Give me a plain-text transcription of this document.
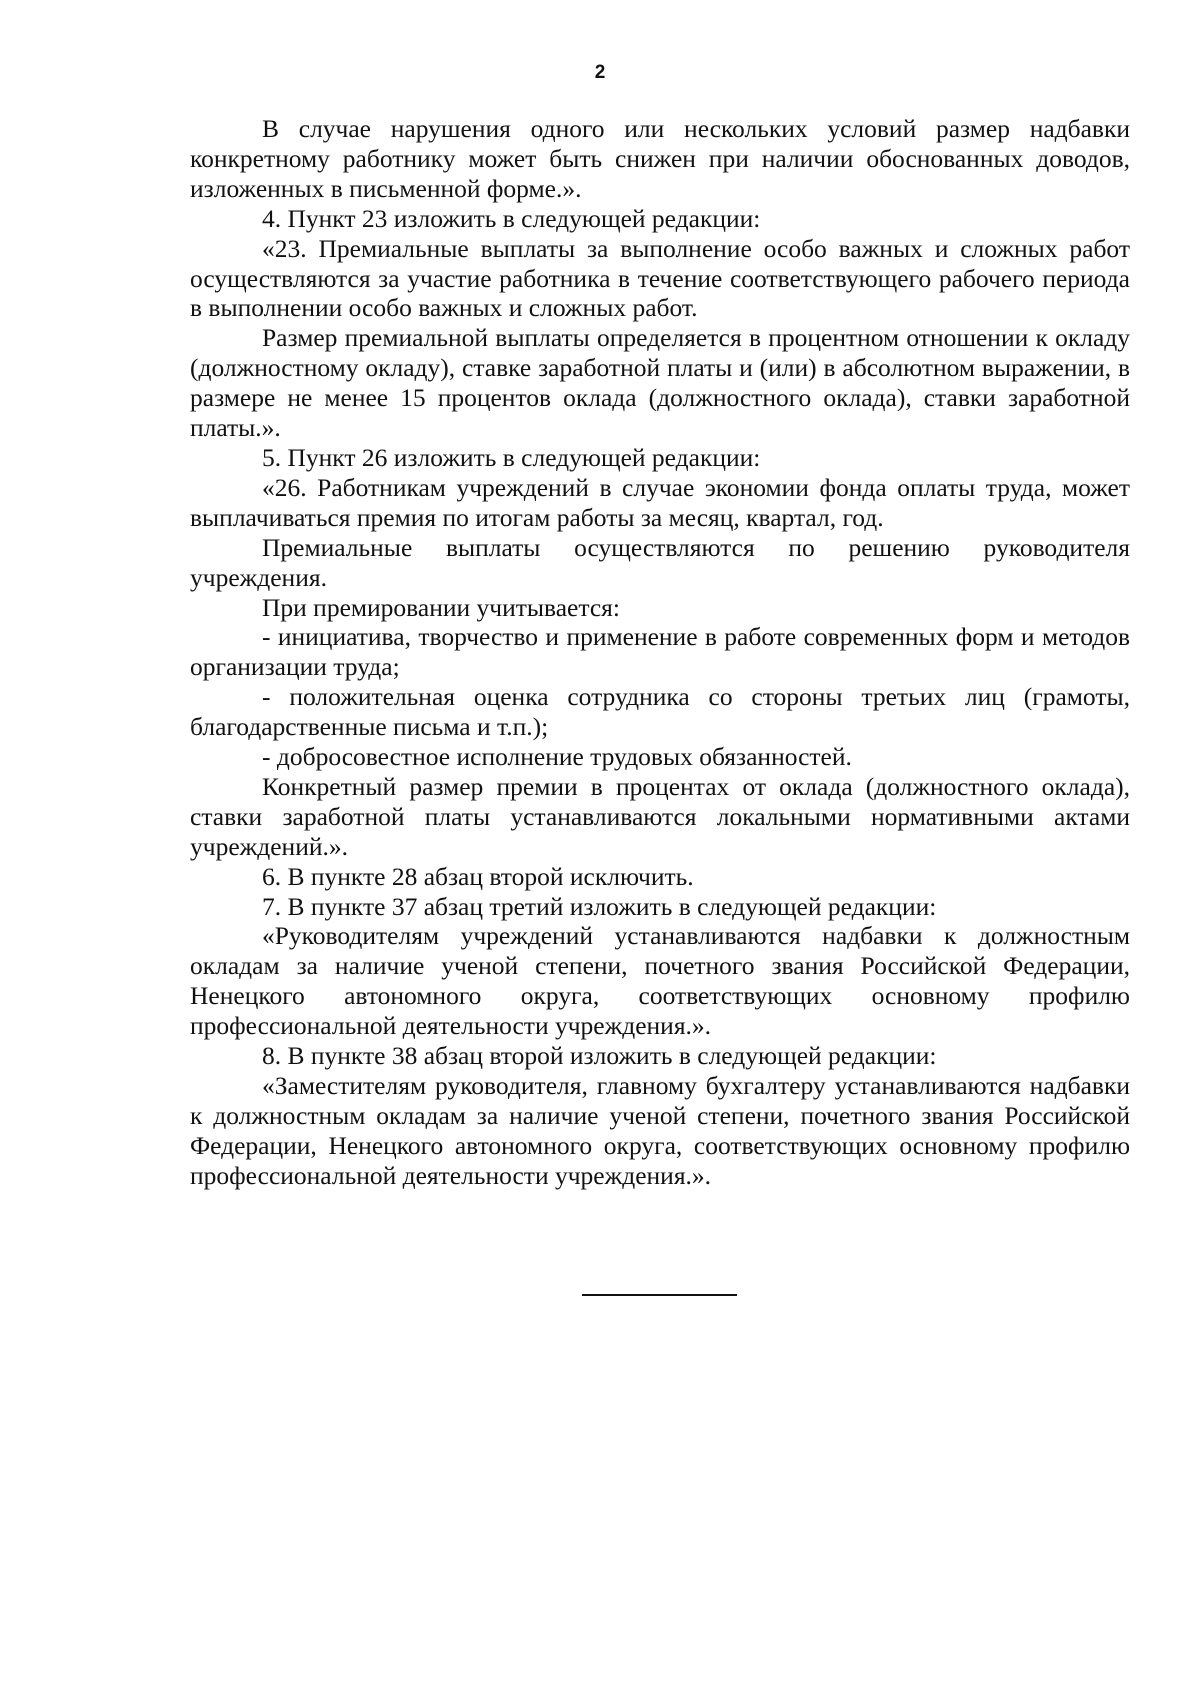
2

В случае нарушения одного или нескольких условий размер надбавки конкретному работнику может быть снижен при наличии обоснованных доводов, изложенных в письменной форме.».

4. Пункт 23 изложить в следующей редакции:

«23. Премиальные выплаты за выполнение особо важных и сложных работ осуществляются за участие работника в течение соответствующего рабочего периода в выполнении особо важных и сложных работ.

Размер премиальной выплаты определяется в процентном отношении к окладу (должностному окладу), ставке заработной платы и (или) в абсолютном выражении, в размере не менее 15 процентов оклада (должностного оклада), ставки заработной платы.».

5. Пункт 26 изложить в следующей редакции:

«26. Работникам учреждений в случае экономии фонда оплаты труда, может выплачиваться премия по итогам работы за месяц, квартал, год.

Премиальные выплаты осуществляются по решению руководителя учреждения.

При премировании учитывается:

- инициатива, творчество и применение в работе современных форм и методов организации труда;

- положительная оценка сотрудника со стороны третьих лиц (грамоты, благодарственные письма и т.п.);

- добросовестное исполнение трудовых обязанностей.

Конкретный размер премии в процентах от оклада (должностного оклада), ставки заработной платы устанавливаются локальными нормативными актами учреждений.».

6. В пункте 28 абзац второй исключить.

7. В пункте 37 абзац третий изложить в следующей редакции:

«Руководителям учреждений устанавливаются надбавки к должностным окладам за наличие ученой степени, почетного звания Российской Федерации, Ненецкого автономного округа, соответствующих основному профилю профессиональной деятельности учреждения.».

8. В пункте 38 абзац второй изложить в следующей редакции:

«Заместителям руководителя, главному бухгалтеру устанавливаются надбавки к должностным окладам за наличие ученой степени, почетного звания Российской Федерации, Ненецкого автономного округа, соответствующих основному профилю профессиональной деятельности учреждения.».
